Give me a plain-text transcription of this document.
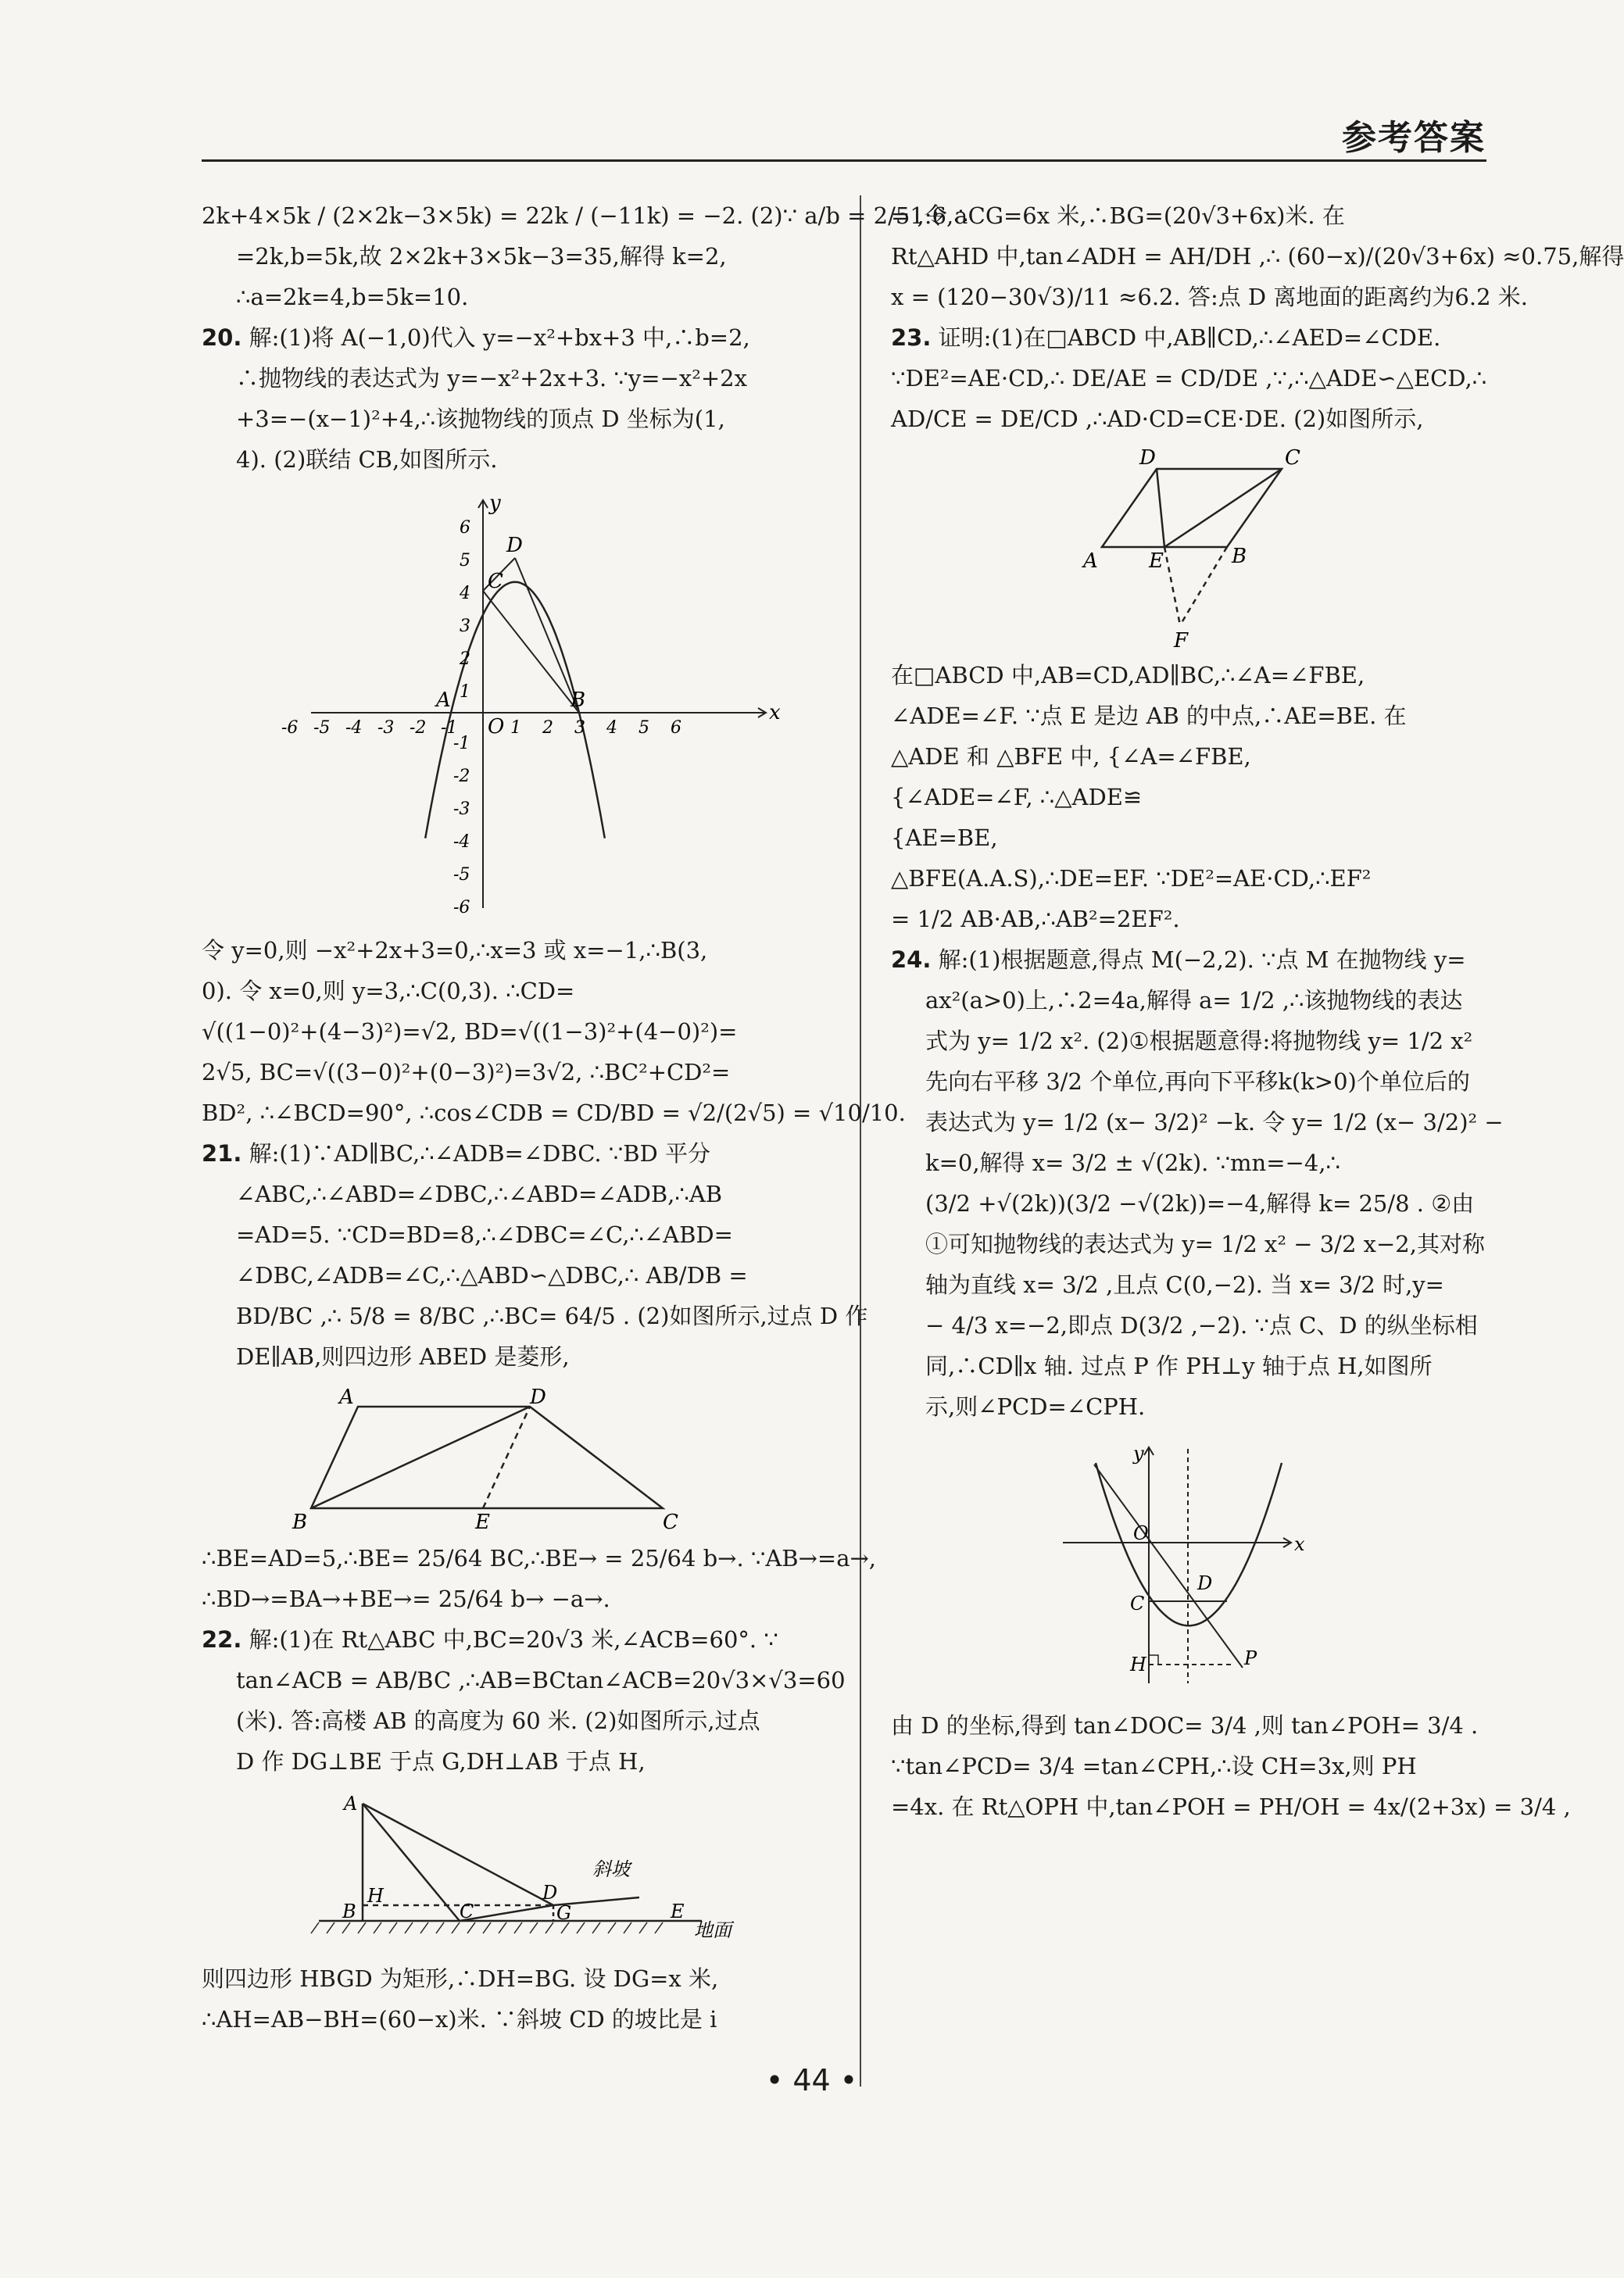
参考答案
2k+4×5k / (2×2k−3×5k) = 22k / (−11k) = −2. (2)∵ a/b = 2/5 ,令 a
=2k,b=5k,故 2×2k+3×5k−3=35,解得 k=2,
∴a=2k=4,b=5k=10.
20. 解:(1)将 A(−1,0)代入 y=−x²+bx+3 中,∴b=2,
∴抛物线的表达式为 y=−x²+2x+3. ∵y=−x²+2x
+3=−(x−1)²+4,∴该抛物线的顶点 D 坐标为(1,
4). (2)联结 CB,如图所示.
6
5
4
3
2
1
-1
-2
-3
-4
-5
-6
-6 -5 -4 -3 -2 -1	1 2 3 4 5 6
x
y
O
A	B
C
D
令 y=0,则 −x²+2x+3=0,∴x=3 或 x=−1,∴B(3,
0). 令 x=0,则 y=3,∴C(0,3). ∴CD=
√((1−0)²+(4−3)²)=√2, BD=√((1−3)²+(4−0)²)=
2√5, BC=√((3−0)²+(0−3)²)=3√2, ∴BC²+CD²=
BD², ∴∠BCD=90°, ∴cos∠CDB = CD/BD = √2/(2√5) = √10/10.
21. 解:(1)∵AD∥BC,∴∠ADB=∠DBC. ∵BD 平分
∠ABC,∴∠ABD=∠DBC,∴∠ABD=∠ADB,∴AB
=AD=5. ∵CD=BD=8,∴∠DBC=∠C,∴∠ABD=
∠DBC,∠ADB=∠C,∴△ABD∽△DBC,∴ AB/DB =
BD/BC ,∴ 5/8 = 8/BC ,∴BC= 64/5 . (2)如图所示,过点 D 作
DE∥AB,则四边形 ABED 是菱形,
A	D
B	E	C
∴BE=AD=5,∴BE= 25/64 BC,∴BE→ = 25/64 b→. ∵AB→=a→,
∴BD→=BA→+BE→= 25/64 b→ −a→.
22. 解:(1)在 Rt△ABC 中,BC=20√3 米,∠ACB=60°. ∵
tan∠ACB = AB/BC ,∴AB=BCtan∠ACB=20√3×√3=60
(米). 答:高楼 AB 的高度为 60 米. (2)如图所示,过点
D 作 DG⊥BE 于点 G,DH⊥AB 于点 H,
A
H
B	C
D
G	E
斜坡
地面
则四边形 HBGD 为矩形,∴DH=BG. 设 DG=x 米,
∴AH=AB−BH=(60−x)米. ∵斜坡 CD 的坡比是 i
=1:6,∴CG=6x 米,∴BG=(20√3+6x)米. 在
Rt△AHD 中,tan∠ADH = AH/DH ,∴ (60−x)/(20√3+6x) ≈0.75,解得
x = (120−30√3)/11 ≈6.2. 答:点 D 离地面的距离约为6.2 米.
23. 证明:(1)在□ABCD 中,AB∥CD,∴∠AED=∠CDE.
∵DE²=AE·CD,∴ DE/AE = CD/DE ,∵,∴△ADE∽△ECD,∴
AD/CE = DE/CD ,∴AD·CD=CE·DE. (2)如图所示,
D	C
A	E	B
F
在□ABCD 中,AB=CD,AD∥BC,∴∠A=∠FBE,
∠ADE=∠F. ∵点 E 是边 AB 的中点,∴AE=BE. 在
△ADE 和 △BFE 中, {∠A=∠FBE,
{∠ADE=∠F, ∴△ADE≌
{AE=BE,
△BFE(A.A.S),∴DE=EF. ∵DE²=AE·CD,∴EF²
= 1/2 AB·AB,∴AB²=2EF².
24. 解:(1)根据题意,得点 M(−2,2). ∵点 M 在抛物线 y=
ax²(a>0)上,∴2=4a,解得 a= 1/2 ,∴该抛物线的表达
式为 y= 1/2 x². (2)①根据题意得:将抛物线 y= 1/2 x²
先向右平移 3/2 个单位,再向下平移k(k>0)个单位后的
表达式为 y= 1/2 (x− 3/2)² −k. 令 y= 1/2 (x− 3/2)² −
k=0,解得 x= 3/2 ± √(2k). ∵mn=−4,∴
(3/2 +√(2k))(3/2 −√(2k))=−4,解得 k= 25/8 . ②由
①可知抛物线的表达式为 y= 1/2 x² − 3/2 x−2,其对称
轴为直线 x= 3/2 ,且点 C(0,−2). 当 x= 3/2 时,y=
− 4/3 x=−2,即点 D(3/2 ,−2). ∵点 C、D 的纵坐标相
同,∴CD∥x 轴. 过点 P 作 PH⊥y 轴于点 H,如图所
示,则∠PCD=∠CPH.
y
x
O
C
D
H	P
由 D 的坐标,得到 tan∠DOC= 3/4 ,则 tan∠POH= 3/4 .
∵tan∠PCD= 3/4 =tan∠CPH,∴设 CH=3x,则 PH
=4x. 在 Rt△OPH 中,tan∠POH = PH/OH = 4x/(2+3x) = 3/4 ,
• 44 •
